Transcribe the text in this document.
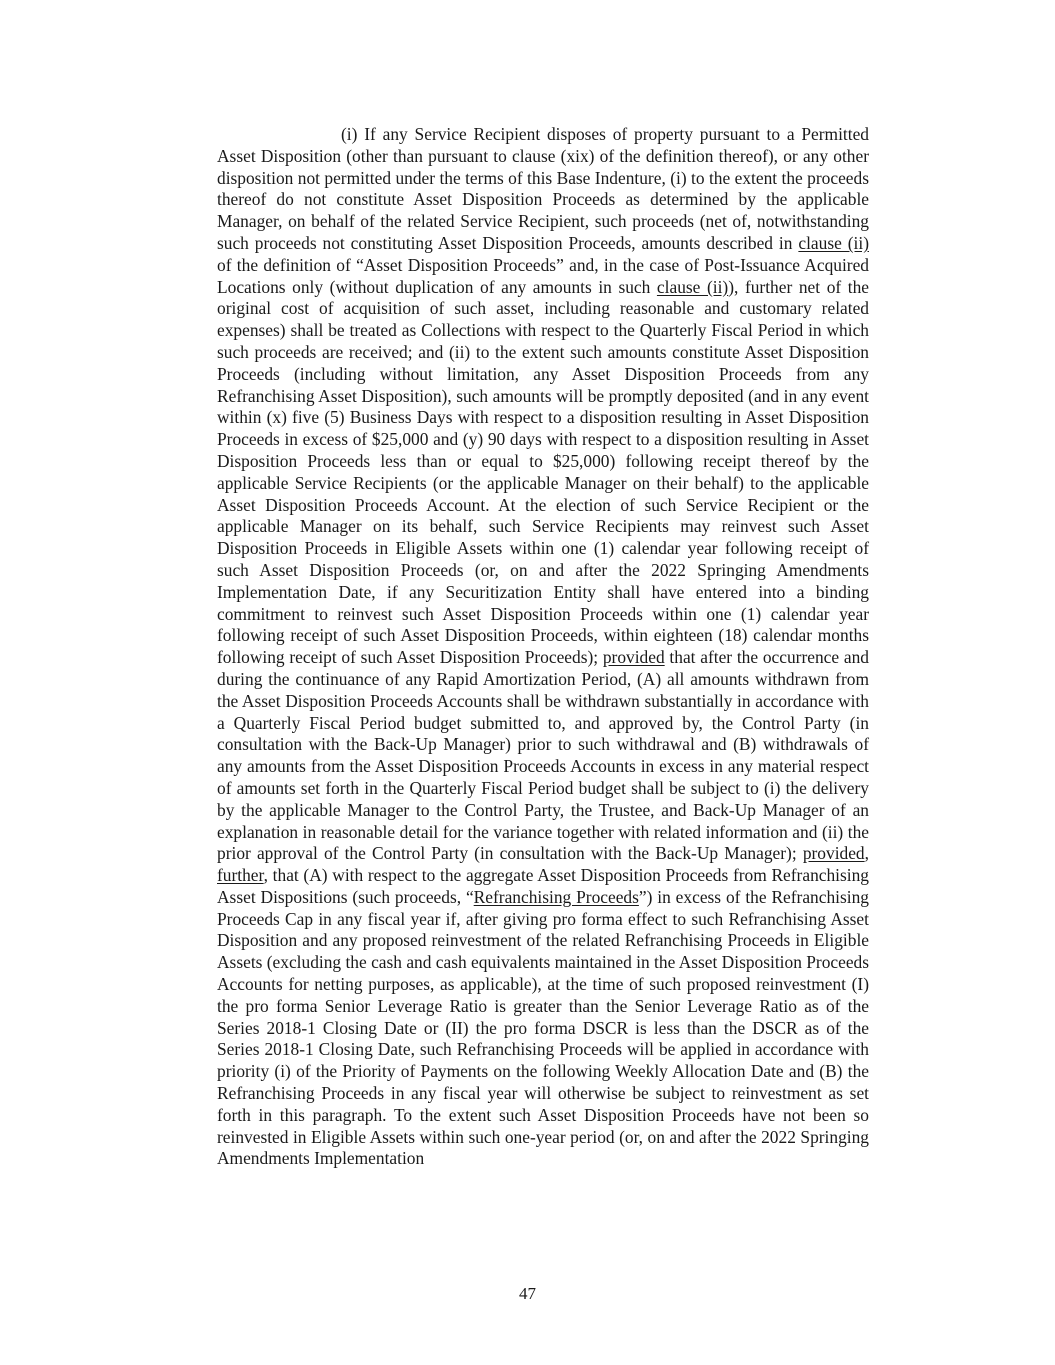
(i) If any Service Recipient disposes of property pursuant to a Permitted Asset Disposition (other than pursuant to clause (xix) of the definition thereof), or any other disposition not permitted under the terms of this Base Indenture, (i) to the extent the proceeds thereof do not constitute Asset Disposition Proceeds as determined by the applicable Manager, on behalf of the related Service Recipient, such proceeds (net of, notwithstanding such proceeds not constituting Asset Disposition Proceeds, amounts described in clause (ii) of the definition of “Asset Disposition Proceeds” and, in the case of Post-Issuance Acquired Locations only (without duplication of any amounts in such clause (ii)), further net of the original cost of acquisition of such asset, including reasonable and customary related expenses) shall be treated as Collections with respect to the Quarterly Fiscal Period in which such proceeds are received; and (ii) to the extent such amounts constitute Asset Disposition Proceeds (including without limitation, any Asset Disposition Proceeds from any Refranchising Asset Disposition), such amounts will be promptly deposited (and in any event within (x) five (5) Business Days with respect to a disposition resulting in Asset Disposition Proceeds in excess of $25,000 and (y) 90 days with respect to a disposition resulting in Asset Disposition Proceeds less than or equal to $25,000) following receipt thereof by the applicable Service Recipients (or the applicable Manager on their behalf) to the applicable Asset Disposition Proceeds Account. At the election of such Service Recipient or the applicable Manager on its behalf, such Service Recipients may reinvest such Asset Disposition Proceeds in Eligible Assets within one (1) calendar year following receipt of such Asset Disposition Proceeds (or, on and after the 2022 Springing Amendments Implementation Date, if any Securitization Entity shall have entered into a binding commitment to reinvest such Asset Disposition Proceeds within one (1) calendar year following receipt of such Asset Disposition Proceeds, within eighteen (18) calendar months following receipt of such Asset Disposition Proceeds); provided that after the occurrence and during the continuance of any Rapid Amortization Period, (A) all amounts withdrawn from the Asset Disposition Proceeds Accounts shall be withdrawn substantially in accordance with a Quarterly Fiscal Period budget submitted to, and approved by, the Control Party (in consultation with the Back-Up Manager) prior to such withdrawal and (B) withdrawals of any amounts from the Asset Disposition Proceeds Accounts in excess in any material respect of amounts set forth in the Quarterly Fiscal Period budget shall be subject to (i) the delivery by the applicable Manager to the Control Party, the Trustee, and Back-Up Manager of an explanation in reasonable detail for the variance together with related information and (ii) the prior approval of the Control Party (in consultation with the Back-Up Manager); provided, further, that (A) with respect to the aggregate Asset Disposition Proceeds from Refranchising Asset Dispositions (such proceeds, “Refranchising Proceeds”) in excess of the Refranchising Proceeds Cap in any fiscal year if, after giving pro forma effect to such Refranchising Asset Disposition and any proposed reinvestment of the related Refranchising Proceeds in Eligible Assets (excluding the cash and cash equivalents maintained in the Asset Disposition Proceeds Accounts for netting purposes, as applicable), at the time of such proposed reinvestment (I) the pro forma Senior Leverage Ratio is greater than the Senior Leverage Ratio as of the Series 2018-1 Closing Date or (II) the pro forma DSCR is less than the DSCR as of the Series 2018-1 Closing Date, such Refranchising Proceeds will be applied in accordance with priority (i) of the Priority of Payments on the following Weekly Allocation Date and (B) the Refranchising Proceeds in any fiscal year will otherwise be subject to reinvestment as set forth in this paragraph. To the extent such Asset Disposition Proceeds have not been so reinvested in Eligible Assets within such one-year period (or, on and after the 2022 Springing Amendments Implementation

47
